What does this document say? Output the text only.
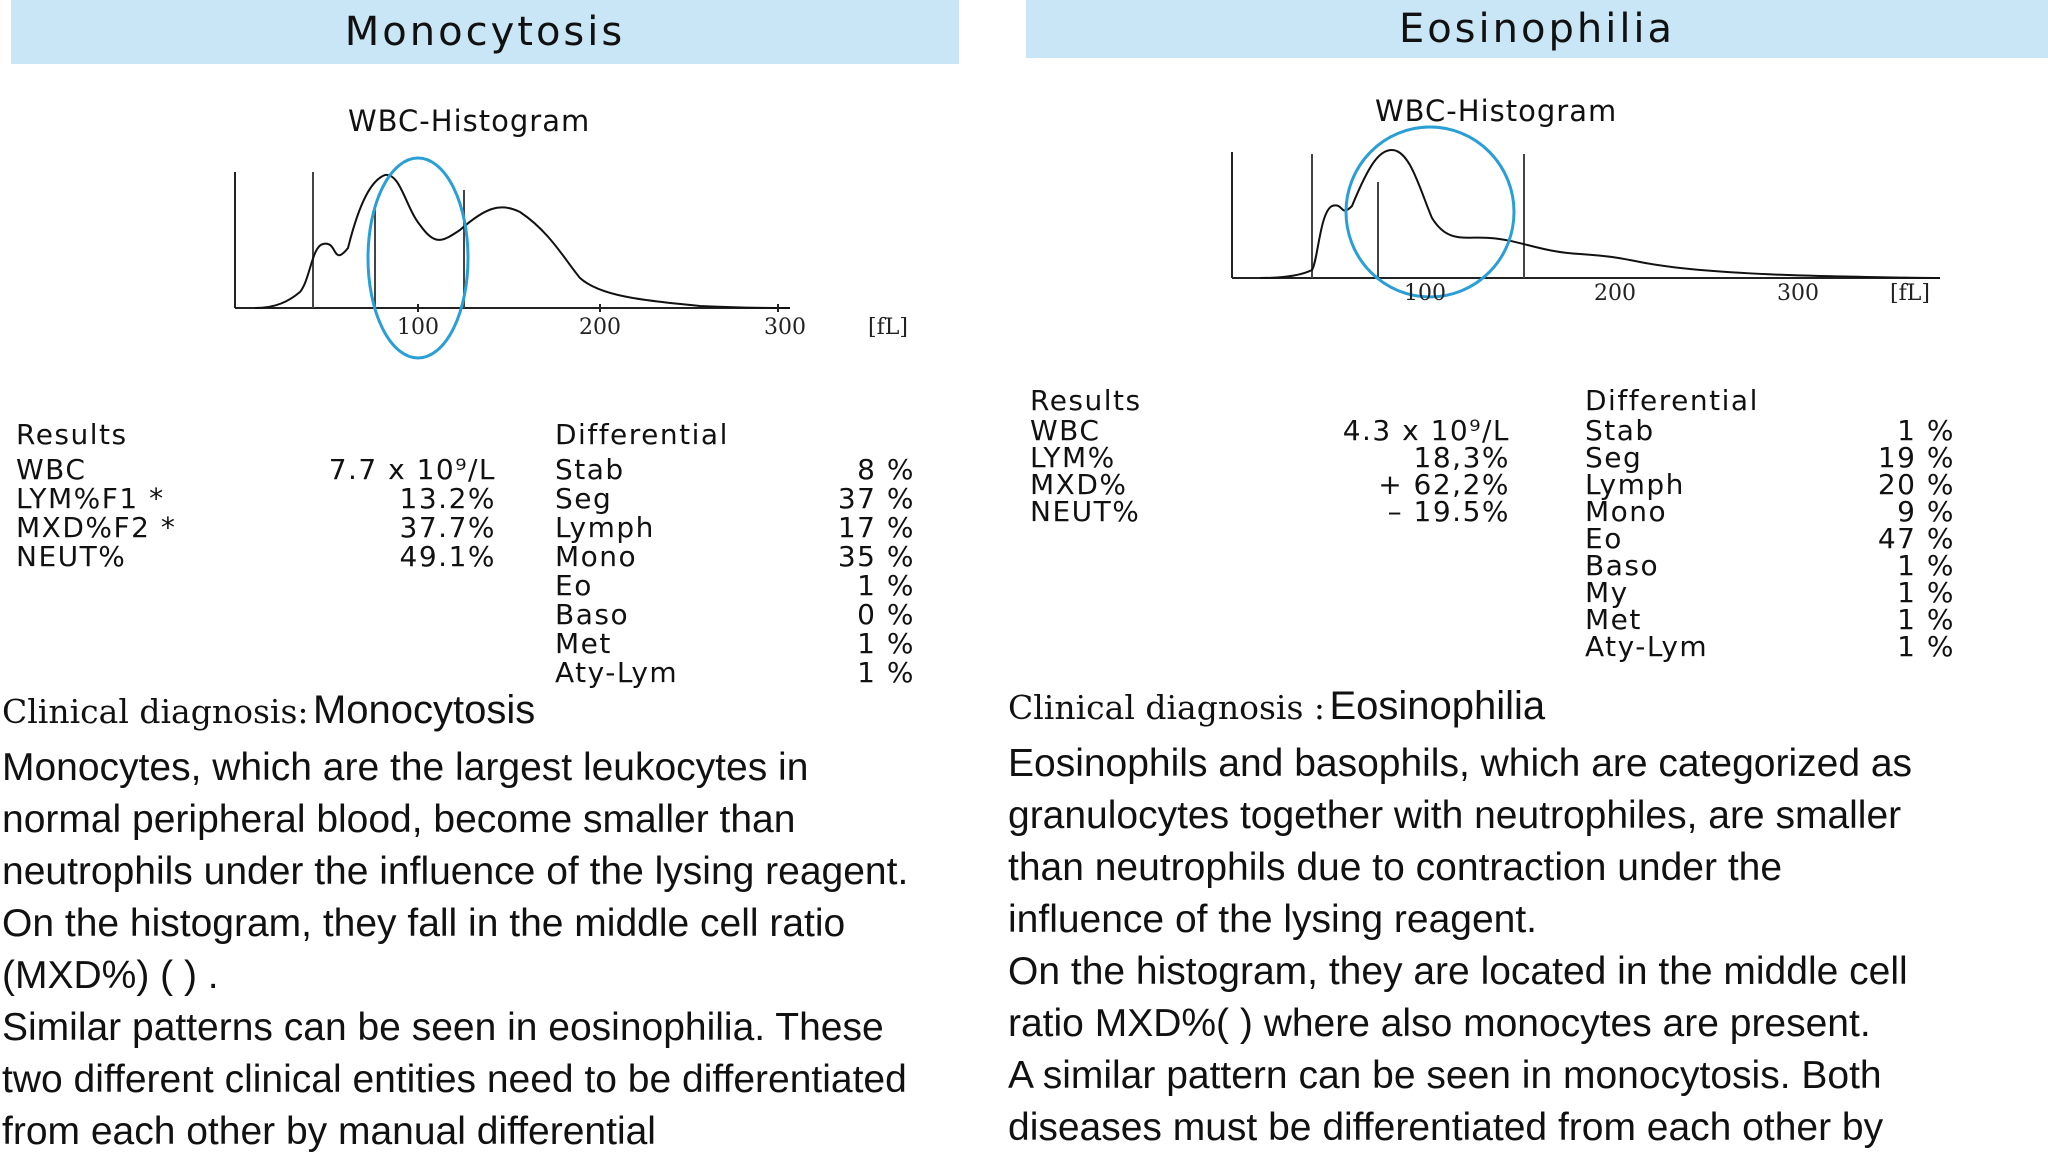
Monocytosis
WBC-Histogram
100	200	300	[fL]
Results
WBC	7.7 x 10⁹/L
LYM%F1 *	13.2%
MXD%F2 *	37.7%
NEUT%	49.1%
Differential
Stab	8 %
Seg	37 %
Lymph	17 %
Mono	35 %
Eo	1 %
Baso	0 %
Met	1 %
Aty-Lym	1 %
Clinical diagnosis: Monocytosis
Monocytes, which are the largest leukocytes in
normal peripheral blood, become smaller than
neutrophils under the influence of the lysing reagent.
On the histogram, they fall in the middle cell ratio
(MXD%) ( ) .
Similar patterns can be seen in eosinophilia. These
two different clinical entities need to be differentiated
from each other by manual differential
Eosinophilia
WBC-Histogram
100	200	300	[fL]
Results
WBC	4.3 x 10⁹/L
LYM%	18,3%
MXD%	+ 62,2%
NEUT%	– 19.5%
Differential
Stab	1 %
Seg	19 %
Lymph	20 %
Mono	9 %
Eo	47 %
Baso	1 %
My	1 %
Met	1 %
Aty-Lym	1 %
Clinical diagnosis : Eosinophilia
Eosinophils and basophils, which are categorized as
granulocytes together with neutrophiles, are smaller
than neutrophils due to contraction under the
influence of the lysing reagent.
On the histogram, they are located in the middle cell
ratio MXD%( ) where also monocytes are present.
A similar pattern can be seen in monocytosis. Both
diseases must be differentiated from each other by
